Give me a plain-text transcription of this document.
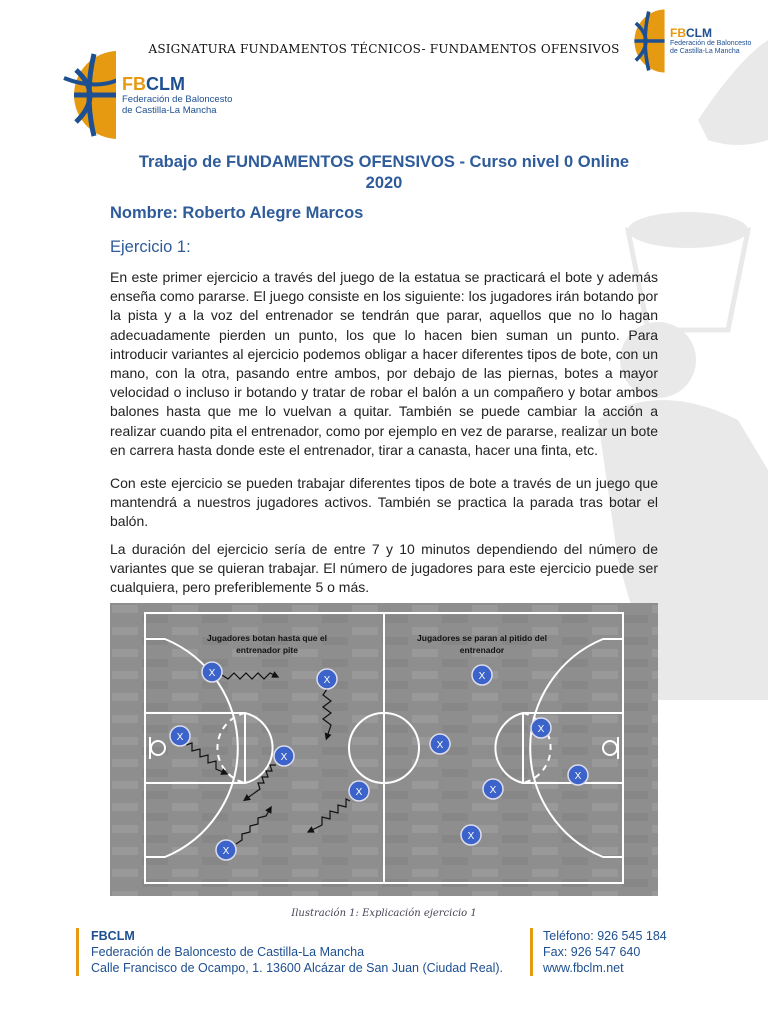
ASIGNATURA FUNDAMENTOS TÉCNICOS- FUNDAMENTOS OFENSIVOS
FBCLM
Federación de Baloncesto
de Castilla-La Mancha
FBCLM
Federación de Baloncesto
de Castilla-La Mancha
Trabajo de FUNDAMENTOS OFENSIVOS - Curso nivel 0 Online
2020
Nombre: Roberto Alegre Marcos
Ejercicio 1:

En este primer ejercicio a través del juego de la estatua se practicará el bote y además enseña como pararse. El juego consiste en los siguiente: los jugadores irán botando por la pista y a la voz del entrenador se tendrán que parar, aquellos que no lo hagan adecuadamente pierden un punto, los que lo hacen bien suman un punto. Para introducir variantes al ejercicio podemos obligar a hacer diferentes tipos de bote, con un mano, con la otra, pasando entre ambos, por debajo de las piernas, botes a mayor velocidad o incluso ir botando y tratar de robar el balón a un compañero y botar ambos balones hasta que me lo vuelvan a quitar. También se puede cambiar la acción a realizar cuando pita el entrenador, como por ejemplo en vez de pararse, realizar un bote en carrera hasta donde este el entrenador, tirar a canasta, hacer una finta, etc.

Con este ejercicio se pueden trabajar diferentes tipos de bote a través de un juego que mantendrá a nuestros jugadores activos. También se practica la parada tras botar el balón.

La duración del ejercicio sería de entre 7 y 10 minutos dependiendo del número de variantes que se quieran trabajar. El número de jugadores para este ejercicio puede ser cualquiera, pero preferiblemente 5 o más.

Jugadores botan hasta que el
entrenador pite
Jugadores se paran al pitido del
entrenador
X
X
X
X
X
X
X
X
X
X
X
X
Ilustración 1: Explicación ejercicio 1
FBCLM
Federación de Baloncesto de Castilla-La Mancha
Calle Francisco de Ocampo, 1. 13600 Alcázar de San Juan (Ciudad Real).
Teléfono: 926 545 184
Fax: 926 547 640
www.fbclm.net
